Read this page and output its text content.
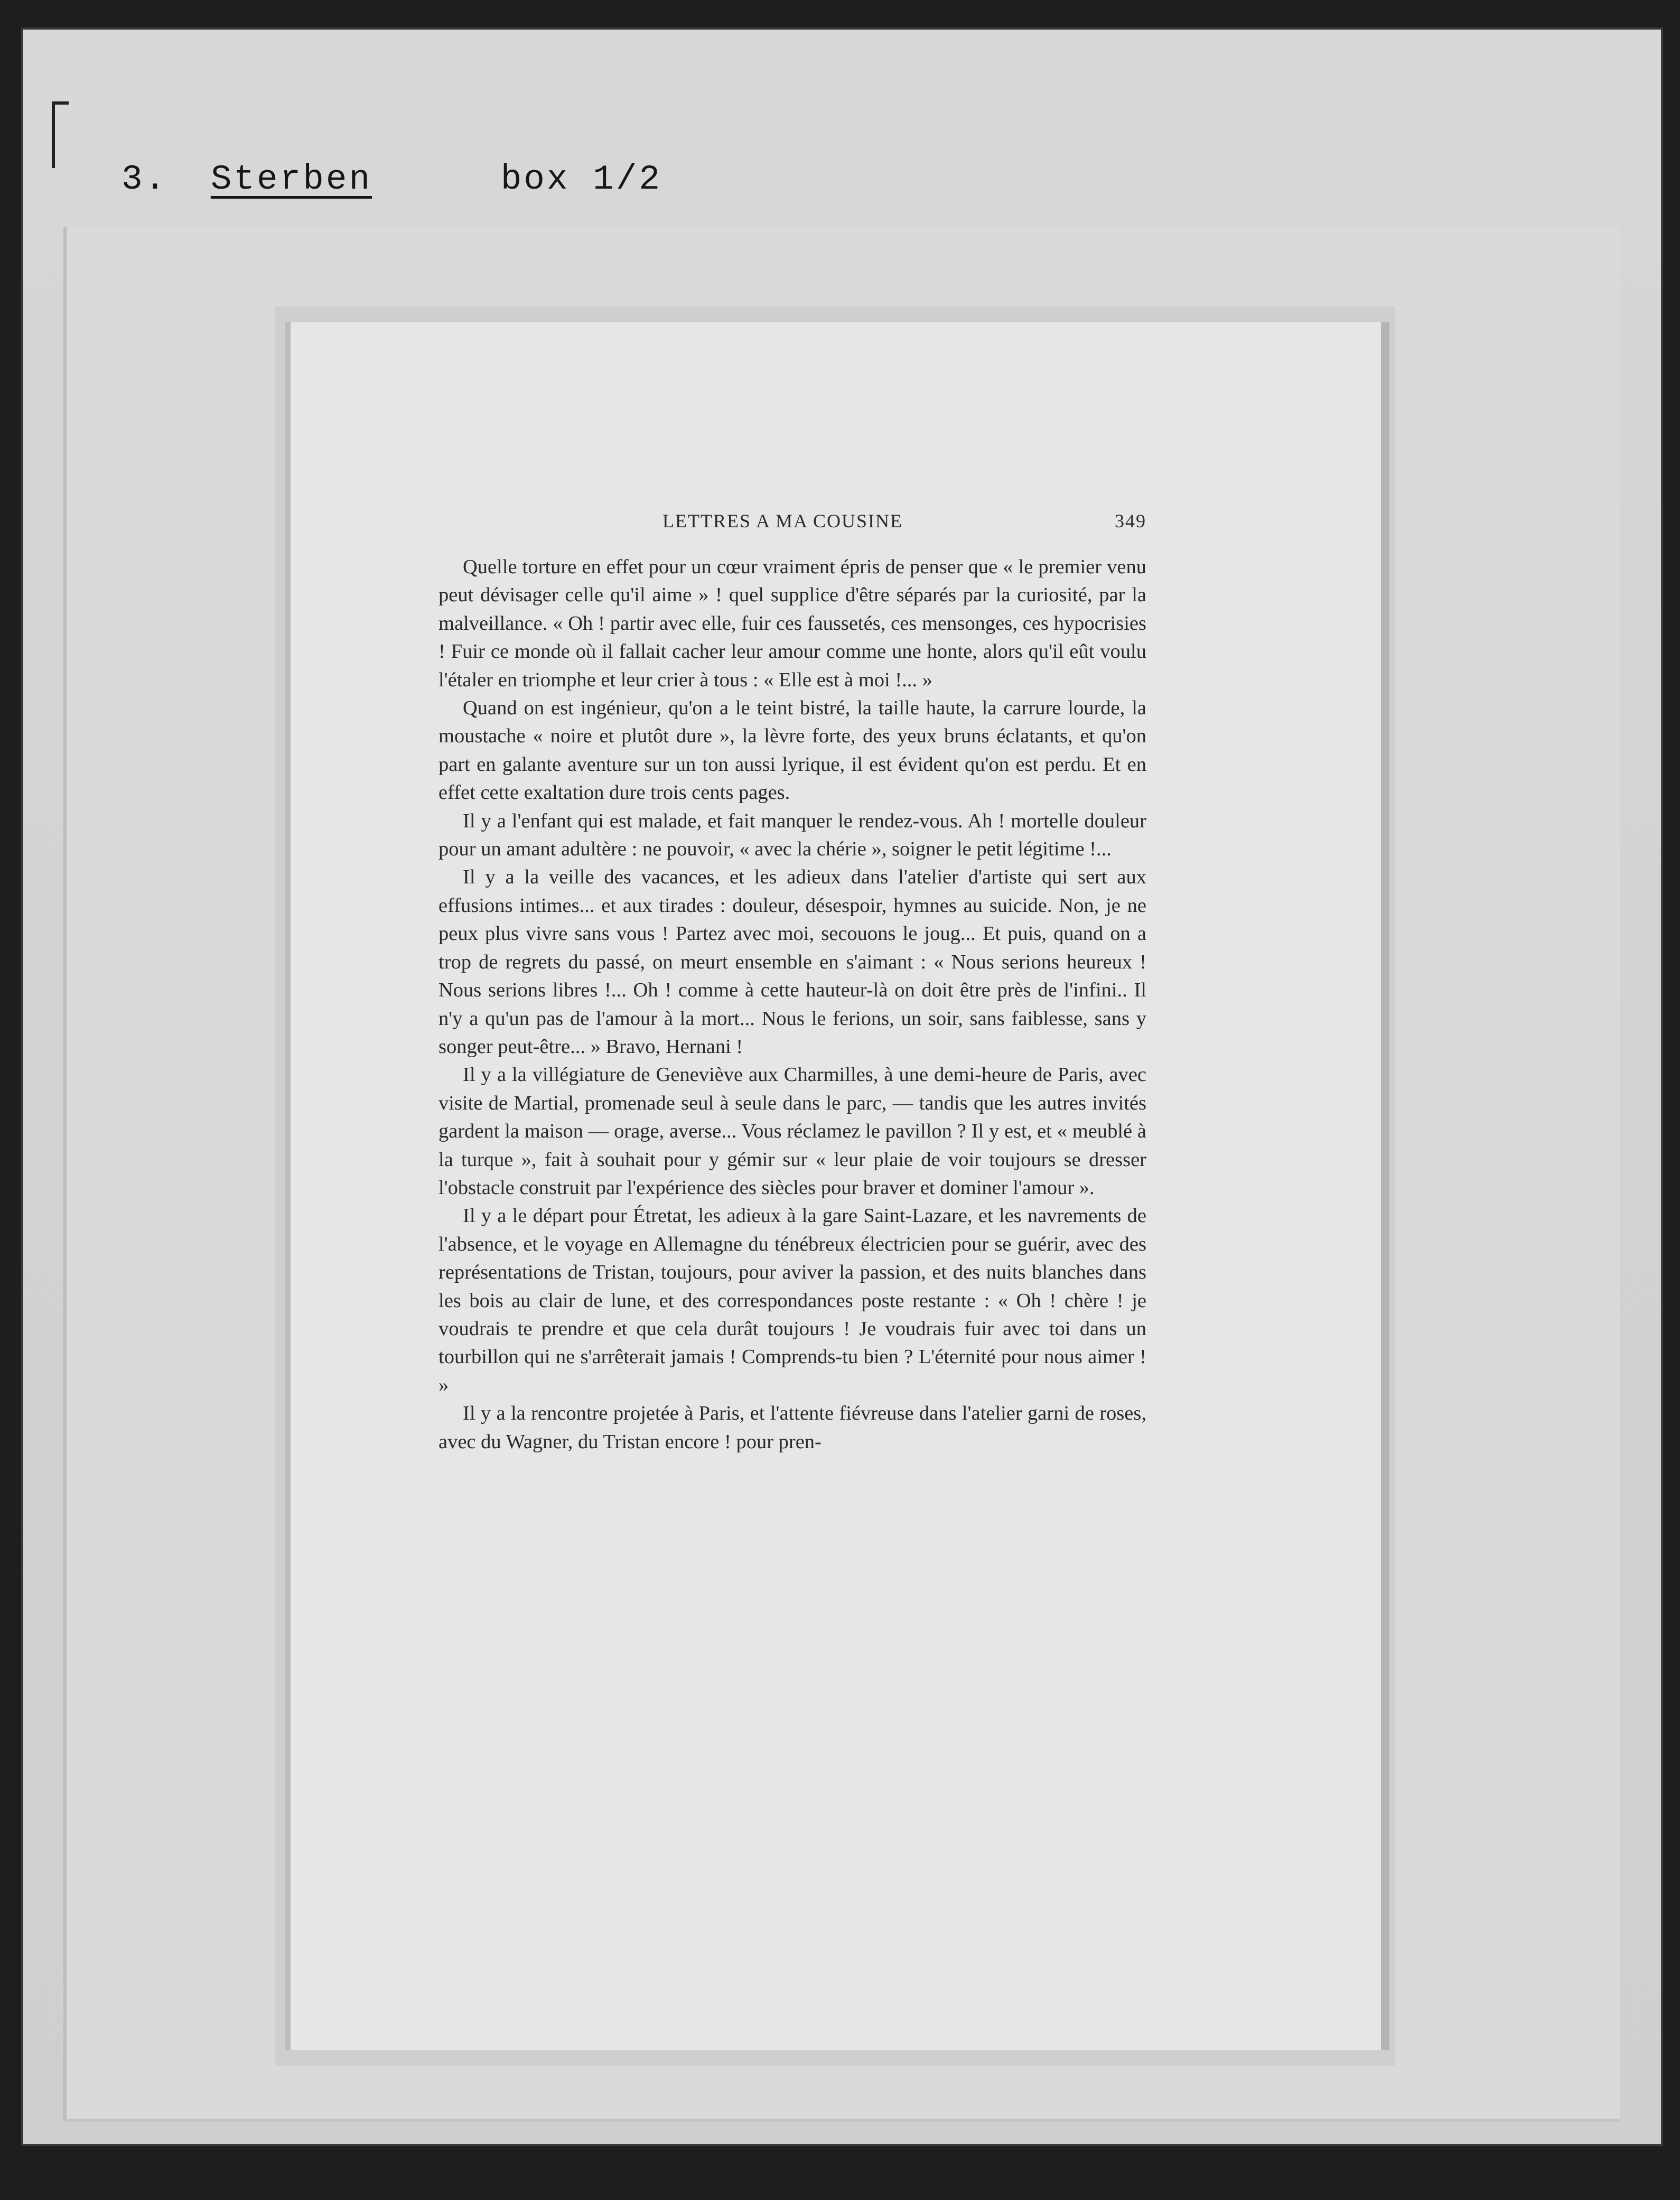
3. Sterben	box 1/2
LETTRES A MA COUSINE	349

Quelle torture en effet pour un cœur vraiment épris de penser que « le premier venu peut dévisager celle qu'il aime » ! quel supplice d'être séparés par la curiosité, par la malveillance. « Oh ! partir avec elle, fuir ces faussetés, ces mensonges, ces hypocrisies ! Fuir ce monde où il fallait cacher leur amour comme une honte, alors qu'il eût voulu l'étaler en triomphe et leur crier à tous : « Elle est à moi !... »

Quand on est ingénieur, qu'on a le teint bistré, la taille haute, la carrure lourde, la moustache « noire et plutôt dure », la lèvre forte, des yeux bruns éclatants, et qu'on part en galante aventure sur un ton aussi lyrique, il est évident qu'on est perdu. Et en effet cette exaltation dure trois cents pages.

Il y a l'enfant qui est malade, et fait manquer le rendez-vous. Ah ! mortelle douleur pour un amant adultère : ne pouvoir, « avec la chérie », soigner le petit légitime !...

Il y a la veille des vacances, et les adieux dans l'atelier d'artiste qui sert aux effusions intimes... et aux tirades : douleur, désespoir, hymnes au suicide. Non, je ne peux plus vivre sans vous ! Partez avec moi, secouons le joug... Et puis, quand on a trop de regrets du passé, on meurt ensemble en s'aimant : « Nous serions heureux ! Nous serions libres !... Oh ! comme à cette hauteur-là on doit être près de l'infini.. Il n'y a qu'un pas de l'amour à la mort... Nous le ferions, un soir, sans faiblesse, sans y songer peut-être... » Bravo, Hernani !

Il y a la villégiature de Geneviève aux Charmilles, à une demi-heure de Paris, avec visite de Martial, promenade seul à seule dans le parc, — tandis que les autres invités gardent la maison — orage, averse... Vous réclamez le pavillon ? Il y est, et « meublé à la turque », fait à souhait pour y gémir sur « leur plaie de voir toujours se dresser l'obstacle construit par l'expérience des siècles pour braver et dominer l'amour ».

Il y a le départ pour Étretat, les adieux à la gare Saint-Lazare, et les navrements de l'absence, et le voyage en Allemagne du ténébreux électricien pour se guérir, avec des représentations de Tristan, toujours, pour aviver la passion, et des nuits blanches dans les bois au clair de lune, et des correspondances poste restante : « Oh ! chère ! je voudrais te prendre et que cela durât toujours ! Je voudrais fuir avec toi dans un tourbillon qui ne s'arrêterait jamais ! Comprends-tu bien ? L'éternité pour nous aimer ! »

Il y a la rencontre projetée à Paris, et l'attente fiévreuse dans l'atelier garni de roses, avec du Wagner, du Tristan encore ! pour pren-
